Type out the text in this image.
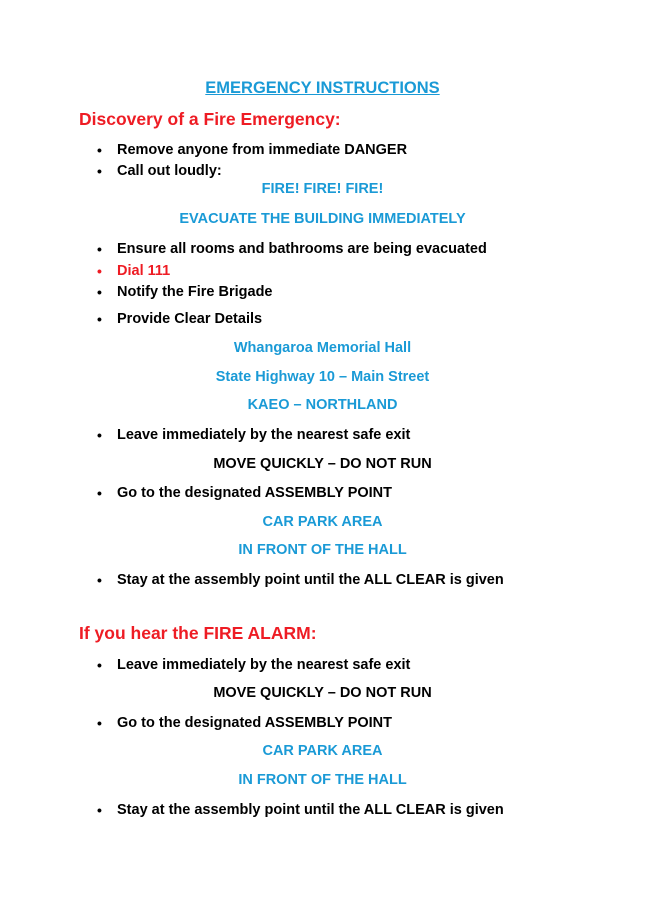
EMERGENCY INSTRUCTIONS
Discovery of a Fire Emergency:
•	Remove anyone from immediate DANGER
•	Call out loudly:
FIRE! FIRE! FIRE!
EVACUATE THE BUILDING IMMEDIATELY
•	Ensure all rooms and bathrooms are being evacuated
•	Dial 111
•	Notify the Fire Brigade
•	Provide Clear Details
Whangaroa Memorial Hall
State Highway 10 – Main Street
KAEO – NORTHLAND
•	Leave immediately by the nearest safe exit
MOVE QUICKLY – DO NOT RUN
•	Go to the designated ASSEMBLY POINT
CAR PARK AREA
IN FRONT OF THE HALL
•	Stay at the assembly point until the ALL CLEAR is given
If you hear the FIRE ALARM:
•	Leave immediately by the nearest safe exit
MOVE QUICKLY – DO NOT RUN
•	Go to the designated ASSEMBLY POINT
CAR PARK AREA
IN FRONT OF THE HALL
•	Stay at the assembly point until the ALL CLEAR is given
